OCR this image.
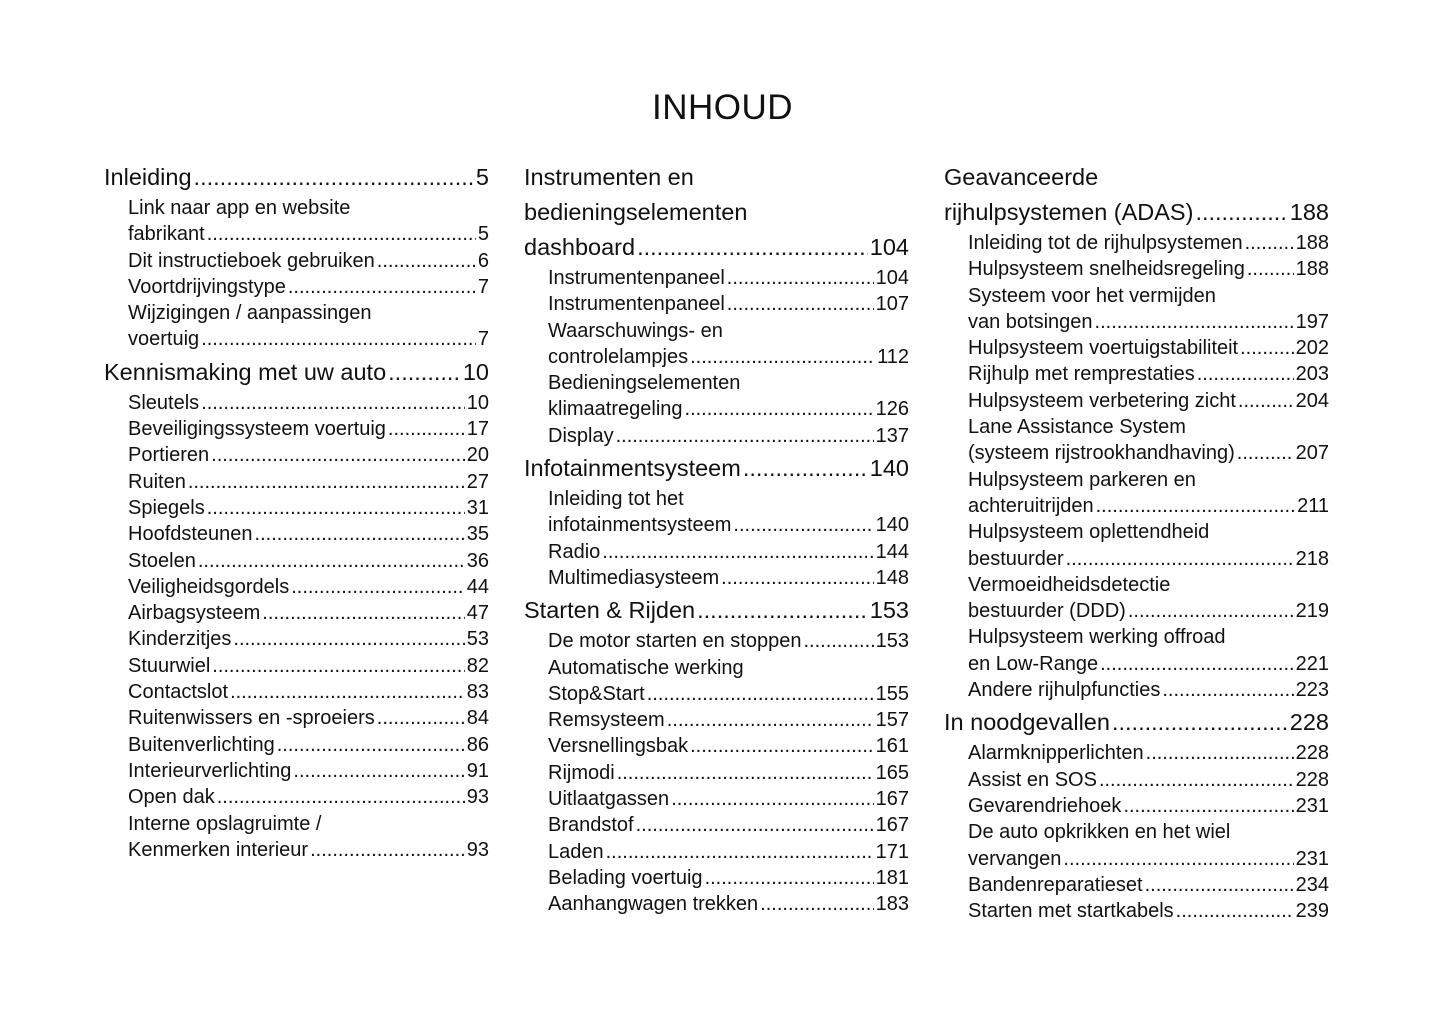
INHOUD
Inleiding .....	5
Link naar app en website
fabrikant .....	5
Dit instructieboek gebruiken .....	6
Voortdrijvingstype .....	7
Wijzigingen / aanpassingen
voertuig .....	7
Kennismaking met uw auto .....	10
Sleutels .....	10
Beveiligingssysteem voertuig .....	17
Portieren .....	20
Ruiten .....	27
Spiegels .....	31
Hoofdsteunen .....	35
Stoelen .....	36
Veiligheidsgordels .....	44
Airbagsysteem .....	47
Kinderzitjes .....	53
Stuurwiel .....	82
Contactslot .....	83
Ruitenwissers en -sproeiers .....	84
Buitenverlichting .....	86
Interieurverlichting .....	91
Open dak .....	93
Interne opslagruimte /
Kenmerken interieur .....	93
Instrumenten en
bedieningselementen
dashboard .....	104
Instrumentenpaneel .....	104
Instrumentenpaneel .....	107
Waarschuwings- en
controlelampjes .....	112
Bedieningselementen
klimaatregeling .....	126
Display .....	137
Infotainmentsysteem .....	140
Inleiding tot het
infotainmentsysteem .....	140
Radio .....	144
Multimediasysteem .....	148
Starten & Rijden .....	153
De motor starten en stoppen .....	153
Automatische werking
Stop&Start .....	155
Remsysteem .....	157
Versnellingsbak .....	161
Rijmodi .....	165
Uitlaatgassen .....	167
Brandstof .....	167
Laden .....	171
Belading voertuig .....	181
Aanhangwagen trekken .....	183
Geavanceerde
rijhulpsystemen (ADAS) .....	188
Inleiding tot de rijhulpsystemen .....	188
Hulpsysteem snelheidsregeling .....	188
Systeem voor het vermijden
van botsingen .....	197
Hulpsysteem voertuigstabiliteit .....	202
Rijhulp met remprestaties .....	203
Hulpsysteem verbetering zicht .....	204
Lane Assistance System
(systeem rijstrookhandhaving) .....	207
Hulpsysteem parkeren en
achteruitrijden .....	211
Hulpsysteem oplettendheid
bestuurder .....	218
Vermoeidheidsdetectie
bestuurder (DDD) .....	219
Hulpsysteem werking offroad
en Low-Range .....	221
Andere rijhulpfuncties .....	223
In noodgevallen .....	228
Alarmknipperlichten .....	228
Assist en SOS .....	228
Gevarendriehoek .....	231
De auto opkrikken en het wiel
vervangen .....	231
Bandenreparatieset .....	234
Starten met startkabels .....	239
